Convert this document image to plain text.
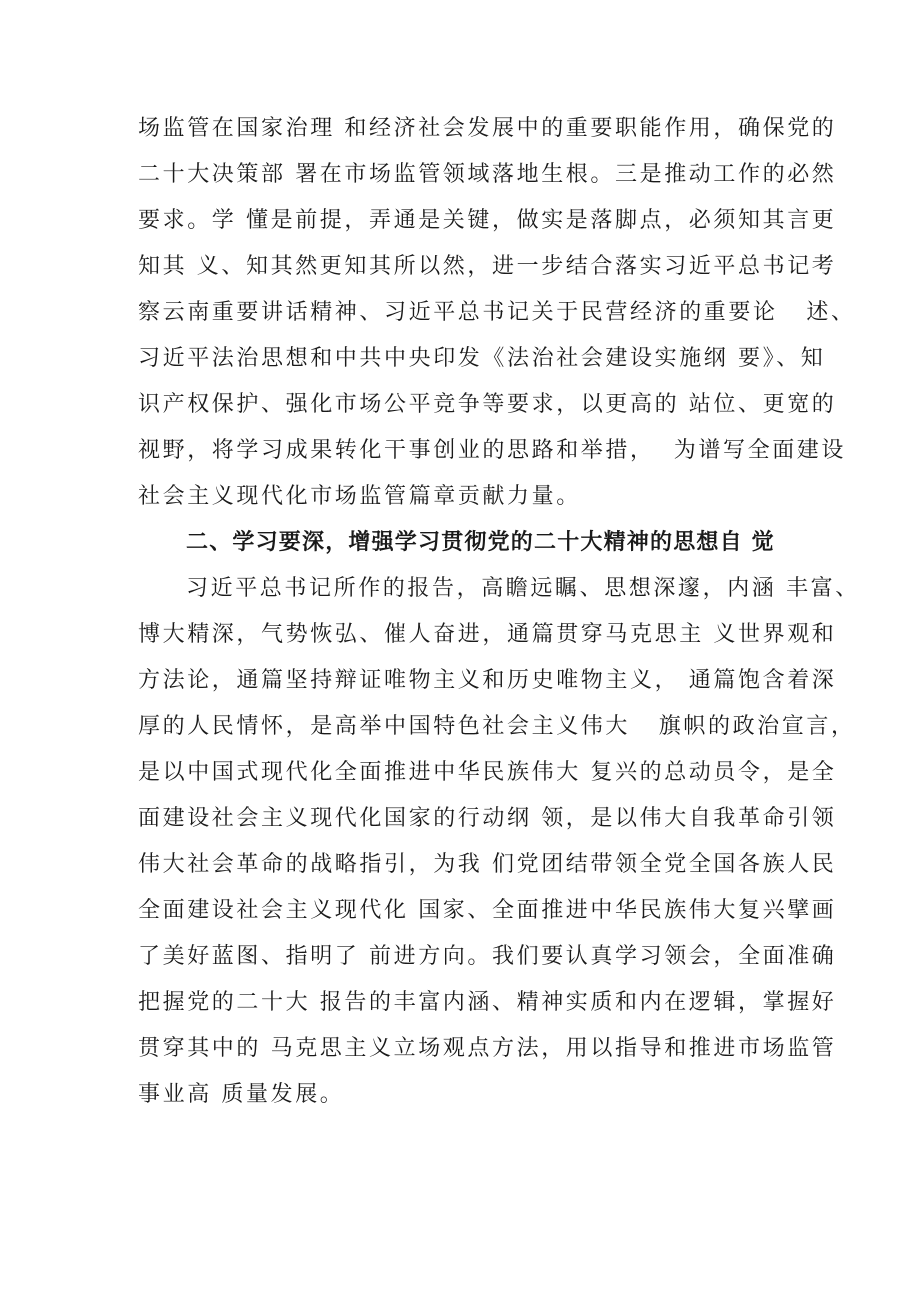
场监管在国家治理 和经济社会发展中的重要职能作用，确保党的
二十大决策部 署在市场监管领域落地生根。三是推动工作的必然
要求。学 懂是前提，弄通是关键，做实是落脚点，必须知其言更
知其 义、知其然更知其所以然，进一步结合落实习近平总书记考
察云南重要讲话精神、习近平总书记关于民营经济的重要论   述、
习近平法治思想和中共中央印发《法治社会建设实施纲 要》、知
识产权保护、强化市场公平竞争等要求，以更高的 站位、更宽的
视野，将学习成果转化干事创业的思路和举措，  为谱写全面建设
社会主义现代化市场监管篇章贡献力量。
二、学习要深，增强学习贯彻党的二十大精神的思想自 觉
习近平总书记所作的报告，高瞻远瞩、思想深邃，内涵 丰富、
博大精深，气势恢弘、催人奋进，通篇贯穿马克思主 义世界观和
方法论，通篇坚持辩证唯物主义和历史唯物主义， 通篇饱含着深
厚的人民情怀，是高举中国特色社会主义伟大   旗帜的政治宣言，
是以中国式现代化全面推进中华民族伟大 复兴的总动员令，是全
面建设社会主义现代化国家的行动纲 领，是以伟大自我革命引领
伟大社会革命的战略指引，为我 们党团结带领全党全国各族人民
全面建设社会主义现代化 国家、全面推进中华民族伟大复兴擘画
了美好蓝图、指明了 前进方向。我们要认真学习领会，全面准确
把握党的二十大 报告的丰富内涵、精神实质和内在逻辑，掌握好
贯穿其中的 马克思主义立场观点方法，用以指导和推进市场监管
事业高 质量发展。
